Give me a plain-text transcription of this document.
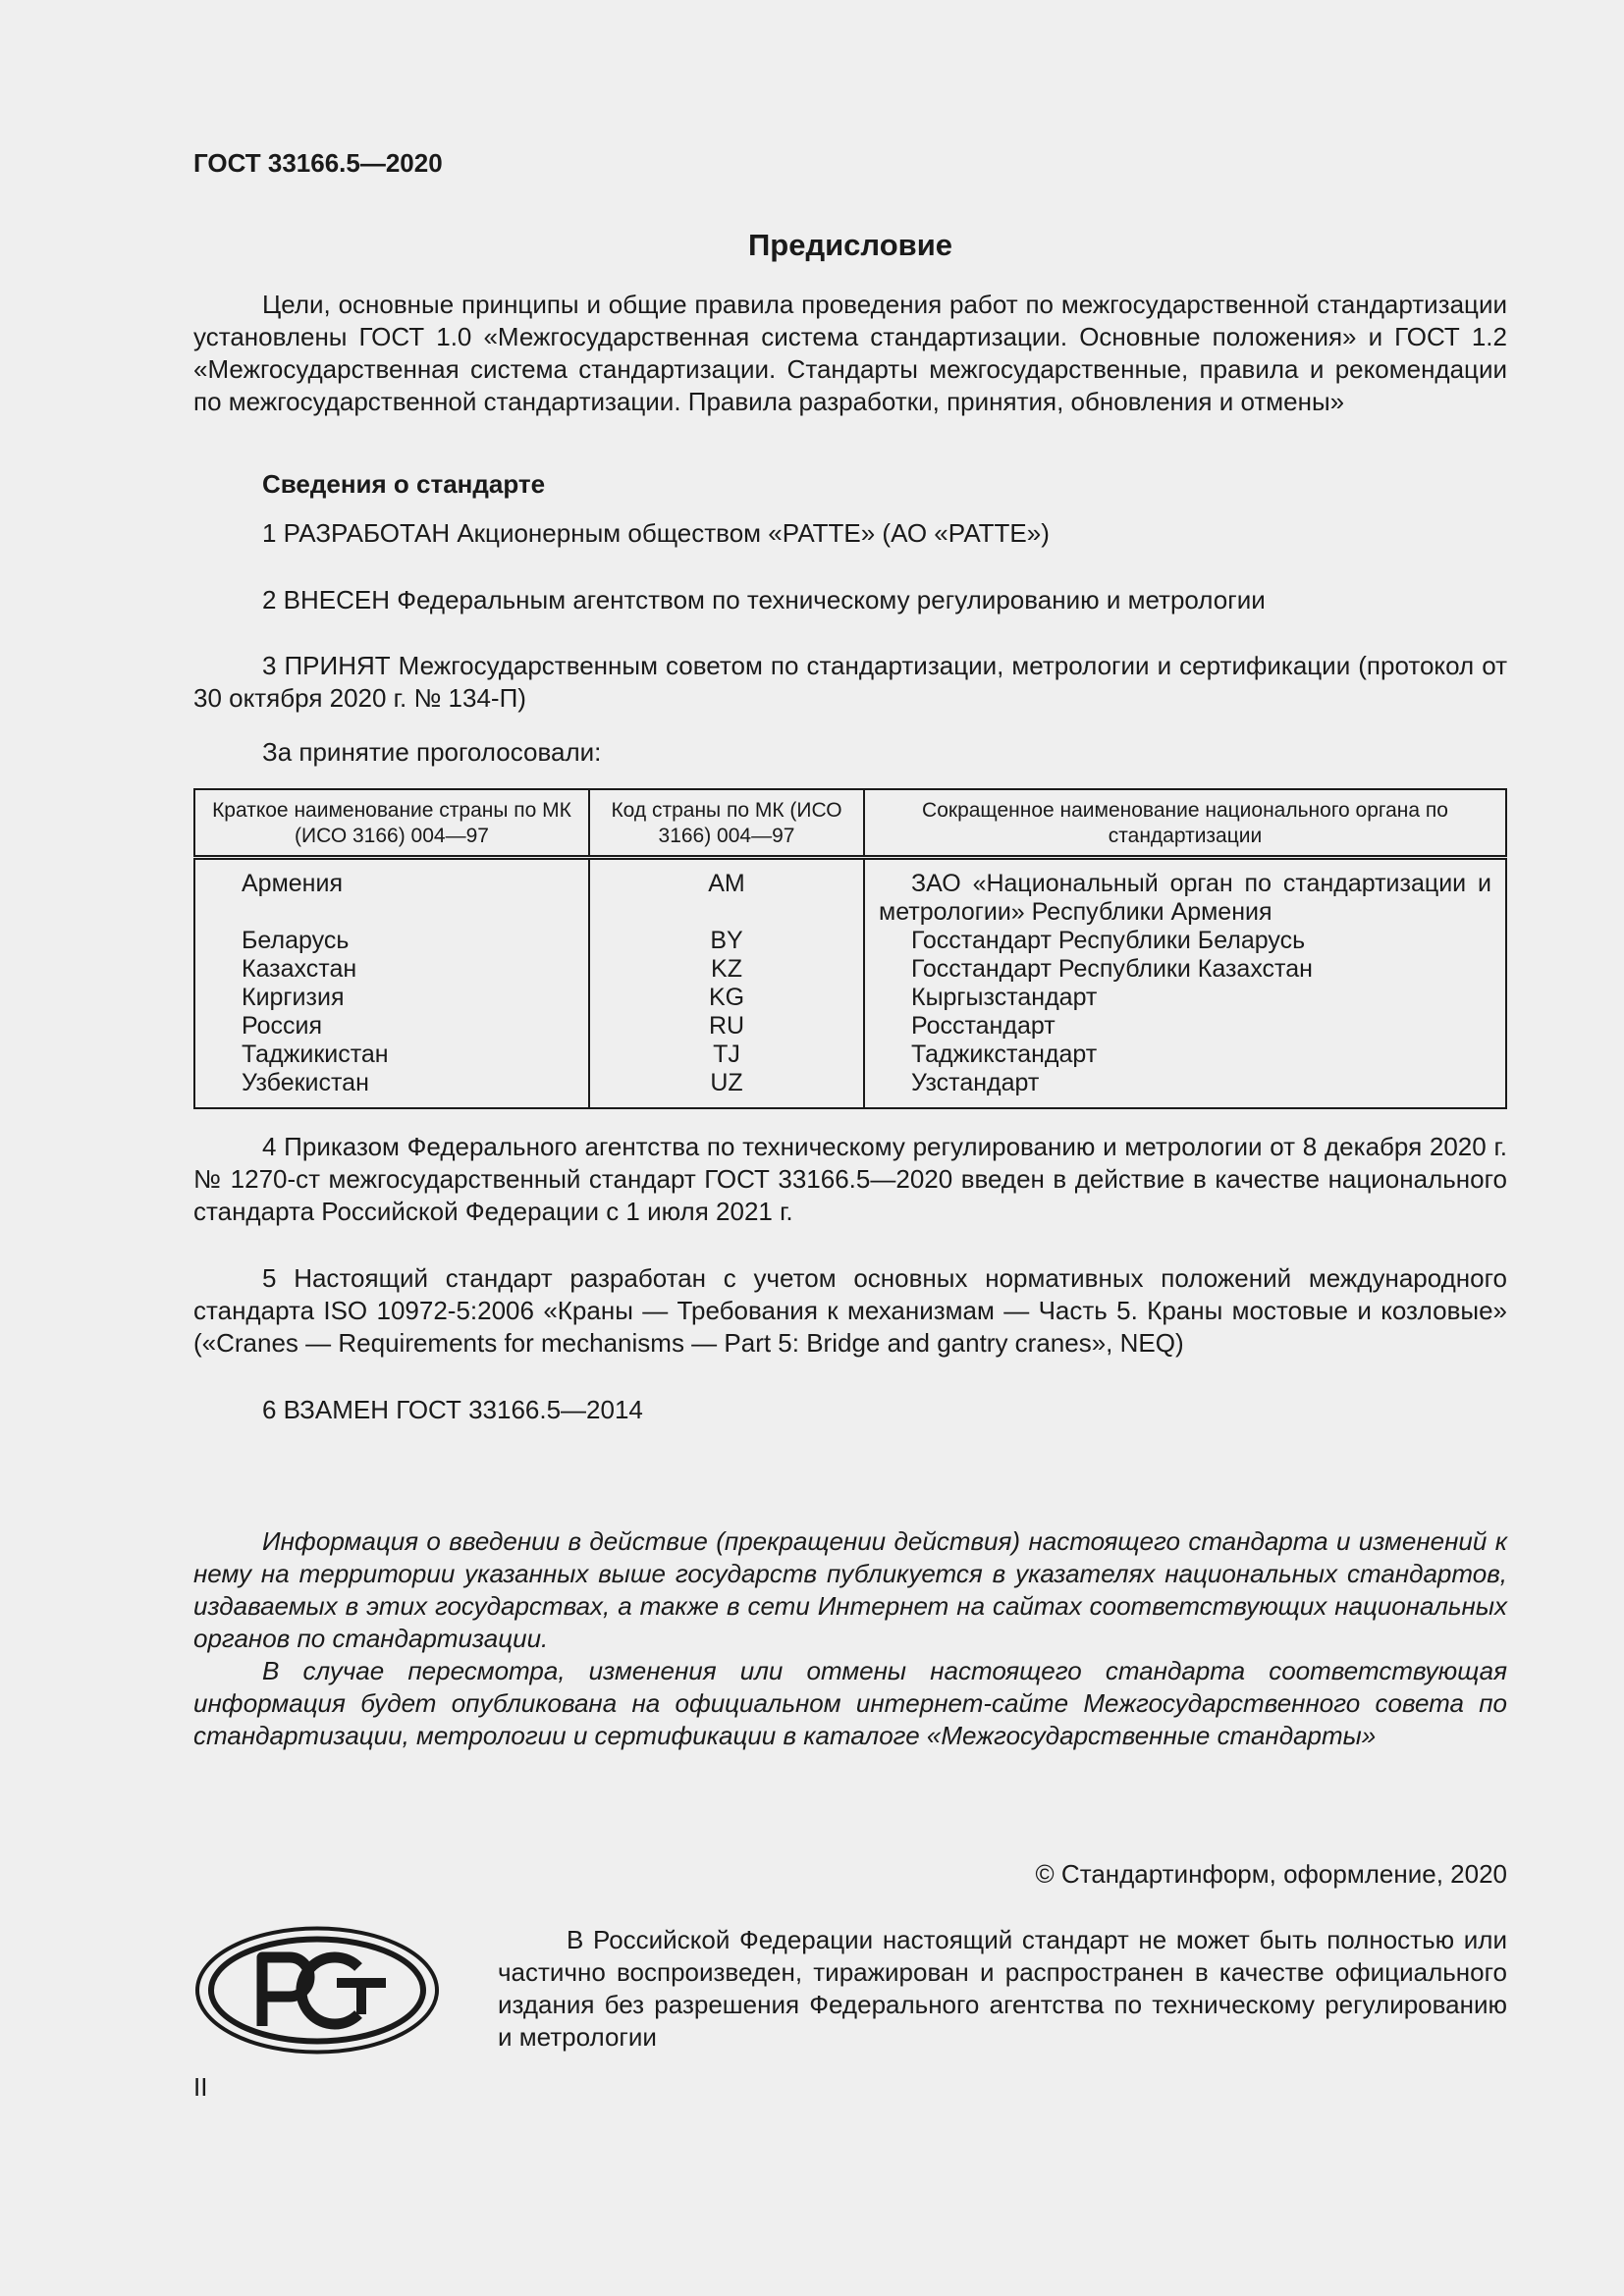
ГОСТ 33166.5—2020
Предисловие

Цели, основные принципы и общие правила проведения работ по межгосударственной стандартизации установлены ГОСТ 1.0 «Межгосударственная система стандартизации. Основные положения» и ГОСТ 1.2 «Межгосударственная система стандартизации. Стандарты межгосударственные, правила и рекомендации по межгосударственной стандартизации. Правила разработки, принятия, обновления и отмены»

Сведения о стандарте

1 РАЗРАБОТАН Акционерным обществом «РАТТЕ» (АО «РАТТЕ»)

2 ВНЕСЕН Федеральным агентством по техническому регулированию и метрологии

3 ПРИНЯТ Межгосударственным советом по стандартизации, метрологии и сертификации (протокол от 30 октября 2020 г. № 134-П)

За принятие проголосовали:

Краткое наименование страны по МК (ИСО 3166) 004—97	Код страны по МК (ИСО 3166) 004—97	Сокращенное наименование национального органа по стандартизации
Армения	AM	ЗАО «Национальный орган по стандартизации и метрологии» Республики Армения
Беларусь	BY	Госстандарт Республики Беларусь
Казахстан	KZ	Госстандарт Республики Казахстан
Киргизия	KG	Кыргызстандарт
Россия	RU	Росстандарт
Таджикистан	TJ	Таджикстандарт
Узбекистан	UZ	Узстандарт

4 Приказом Федерального агентства по техническому регулированию и метрологии от 8 декабря 2020 г. № 1270-ст межгосударственный стандарт ГОСТ 33166.5—2020 введен в действие в качестве национального стандарта Российской Федерации с 1 июля 2021 г.

5 Настоящий стандарт разработан с учетом основных нормативных положений международного стандарта ISO 10972-5:2006 «Краны — Требования к механизмам — Часть 5. Краны мостовые и козловые» («Cranes — Requirements for mechanisms — Part 5: Bridge and gantry cranes», NEQ)

6 ВЗАМЕН ГОСТ 33166.5—2014

Информация о введении в действие (прекращении действия) настоящего стандарта и изменений к нему на территории указанных выше государств публикуется в указателях национальных стандартов, издаваемых в этих государствах, а также в сети Интернет на сайтах соответствующих национальных органов по стандартизации.

В случае пересмотра, изменения или отмены настоящего стандарта соответствующая информация будет опубликована на официальном интернет-сайте Межгосударственного совета по стандартизации, метрологии и сертификации в каталоге «Межгосударственные стандарты»

© Стандартинформ, оформление, 2020

В Российской Федерации настоящий стандарт не может быть полностью или частично воспроизведен, тиражирован и распространен в качестве официального издания без разрешения Федерального агентства по техническому регулированию и метрологии

II
